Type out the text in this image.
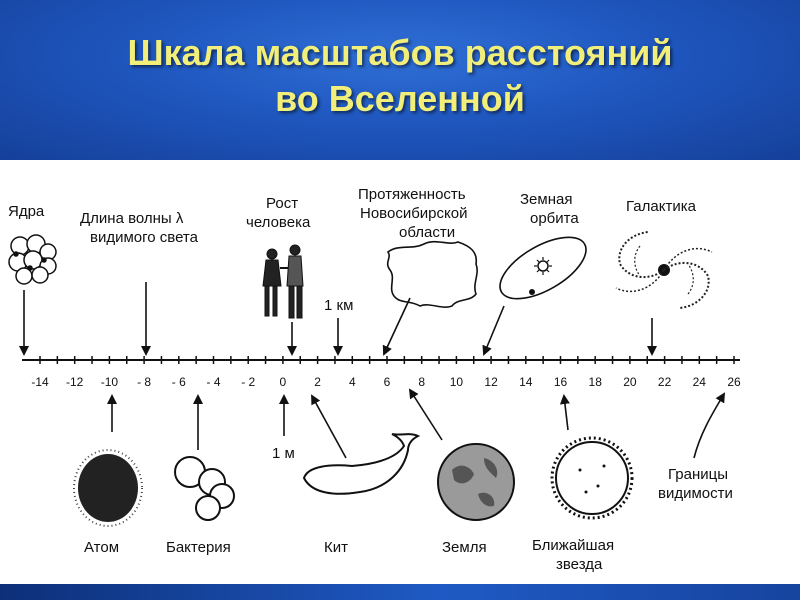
Шкала масштабов расстояний
во Вселенной
-14 -12 -10 - 8 - 6 - 4 - 2 0 2 4 6 8 10 12 14 16 18 20 22 24 26
Ядра Длина волны λ
видимого света
Рост
человека
1 км
Протяженность
Новосибирской
области
Земная
орбита
Галактика
1 м
Атом	Бактерия	Кит	Земля	Ближайшая
звезда
Границы
видимости
